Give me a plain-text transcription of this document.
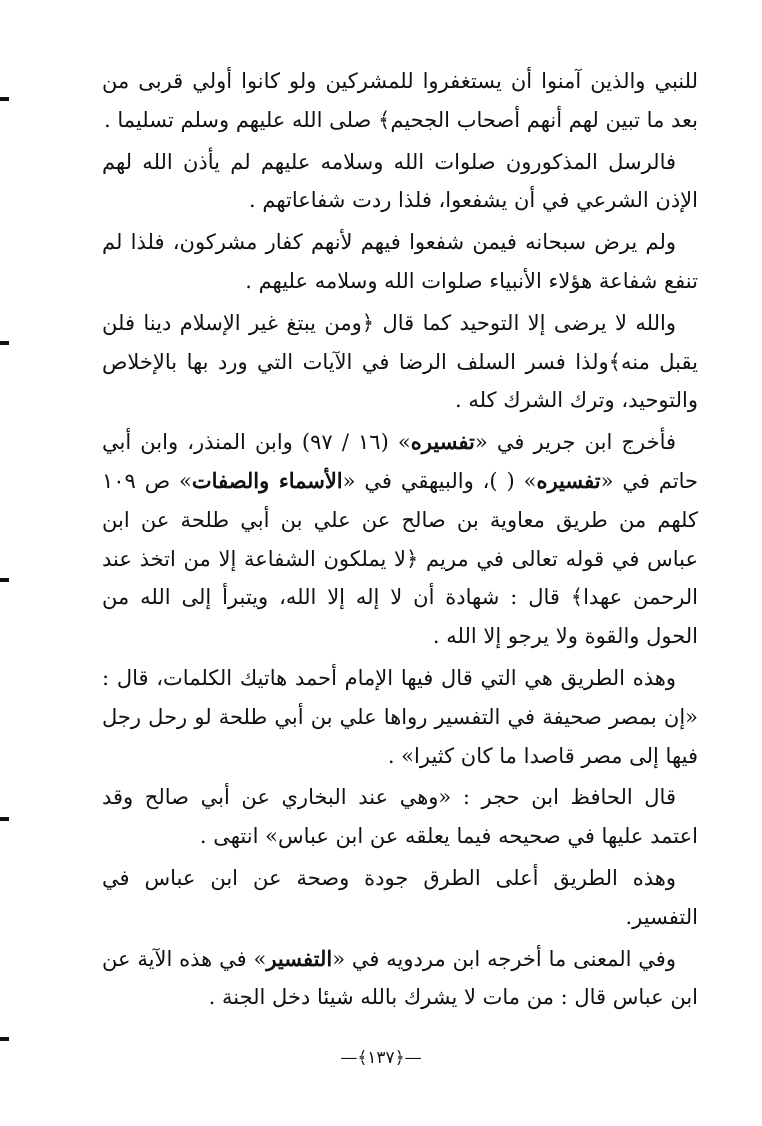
للنبي والذين آمنوا أن يستغفروا للمشركين ولو كانوا أولي قربى من بعد ما تبين لهم أنهم أصحاب الجحيم﴾ صلى الله عليهم وسلم تسليما .

فالرسل المذكورون صلوات الله وسلامه عليهم لم يأذن الله لهم الإذن الشرعي في أن يشفعوا، فلذا ردت شفاعاتهم .

ولم يرض سبحانه فيمن شفعوا فيهم لأنهم كفار مشركون، فلذا لم تنفع شفاعة هؤلاء الأنبياء صلوات الله وسلامه عليهم .

والله لا يرضى إلا التوحيد كما قال ﴿ومن يبتغ غير الإسلام دينا فلن يقبل منه﴾ولذا فسر السلف الرضا في الآيات التي ورد بها بالإخلاص والتوحيد، وترك الشرك كله .

فأخرج ابن جرير في «تفسيره» (١٦ / ٩٧) وابن المنذر، وابن أبي حاتم في «تفسيره» ( )، والبيهقي في «الأسماء والصفات» ص ١٠٩ كلهم من طريق معاوية بن صالح عن علي بن أبي طلحة عن ابن عباس في قوله تعالى في مريم ﴿لا يملكون الشفاعة إلا من اتخذ عند الرحمن عهدا﴾ قال : شهادة أن لا إله إلا الله، ويتبرأ إلى الله من الحول والقوة ولا يرجو إلا الله .

وهذه الطريق هي التي قال فيها الإمام أحمد هاتيك الكلمات، قال : «إن بمصر صحيفة في التفسير رواها علي بن أبي طلحة لو رحل رجل فيها إلى مصر قاصدا ما كان كثيرا» .

قال الحافظ ابن حجر : «وهي عند البخاري عن أبي صالح وقد اعتمد عليها في صحيحه فيما يعلقه عن ابن عباس» انتهى .

وهذه الطريق أعلى الطرق جودة وصحة عن ابن عباس في التفسير.

وفي المعنى ما أخرجه ابن مردويه في «التفسير» في هذه الآية عن ابن عباس قال : من مات لا يشرك بالله شيئا دخل الجنة .

—﴿١٣٧﴾—
